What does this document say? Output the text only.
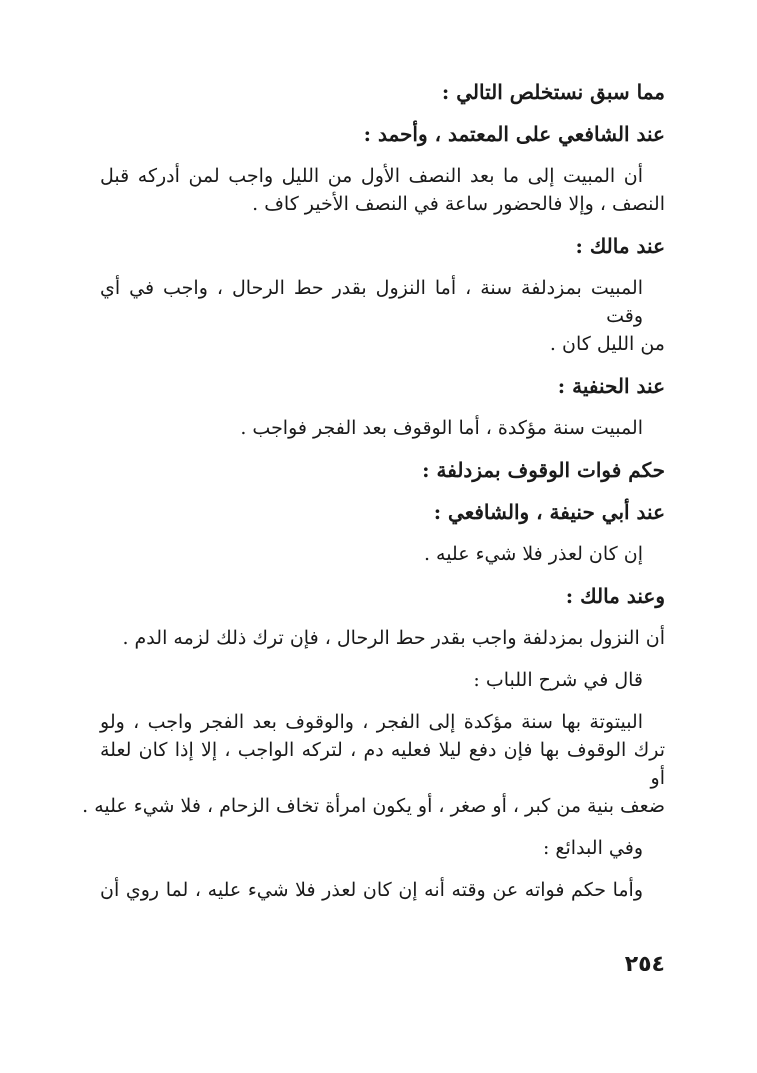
مما سبق نستخلص التالي :
عند الشافعي على المعتمد ، وأحمد :
أن المبيت إلى ما بعد النصف الأول من الليل واجب لمن أدركه قبل
النصف ، وإلا فالحضور ساعة في النصف الأخير كاف .
عند مالك :
المبيت بمزدلفة سنة ، أما النزول بقدر حط الرحال ، واجب في أي وقت
من الليل كان .
عند الحنفية :
المبيت سنة مؤكدة ، أما الوقوف بعد الفجر فواجب .
حكم فوات الوقوف بمزدلفة :
عند أبي حنيفة ، والشافعي :
إن كان لعذر فلا شيء عليه .
وعند مالك :
أن النزول بمزدلفة واجب بقدر حط الرحال ، فإن ترك ذلك لزمه الدم .
قال في شرح اللباب :
البيتوتة بها سنة مؤكدة إلى الفجر ، والوقوف بعد الفجر واجب ، ولو
ترك الوقوف بها فإن دفع ليلا فعليه دم ، لتركه الواجب ، إلا إذا كان لعلة أو
ضعف بنية من كبر ، أو صغر ، أو يكون امرأة تخاف الزحام ، فلا شيء عليه .
وفي البدائع :
وأما حكم فواته عن وقته أنه إن كان لعذر فلا شيء عليه ، لما روي أن
٢٥٤
